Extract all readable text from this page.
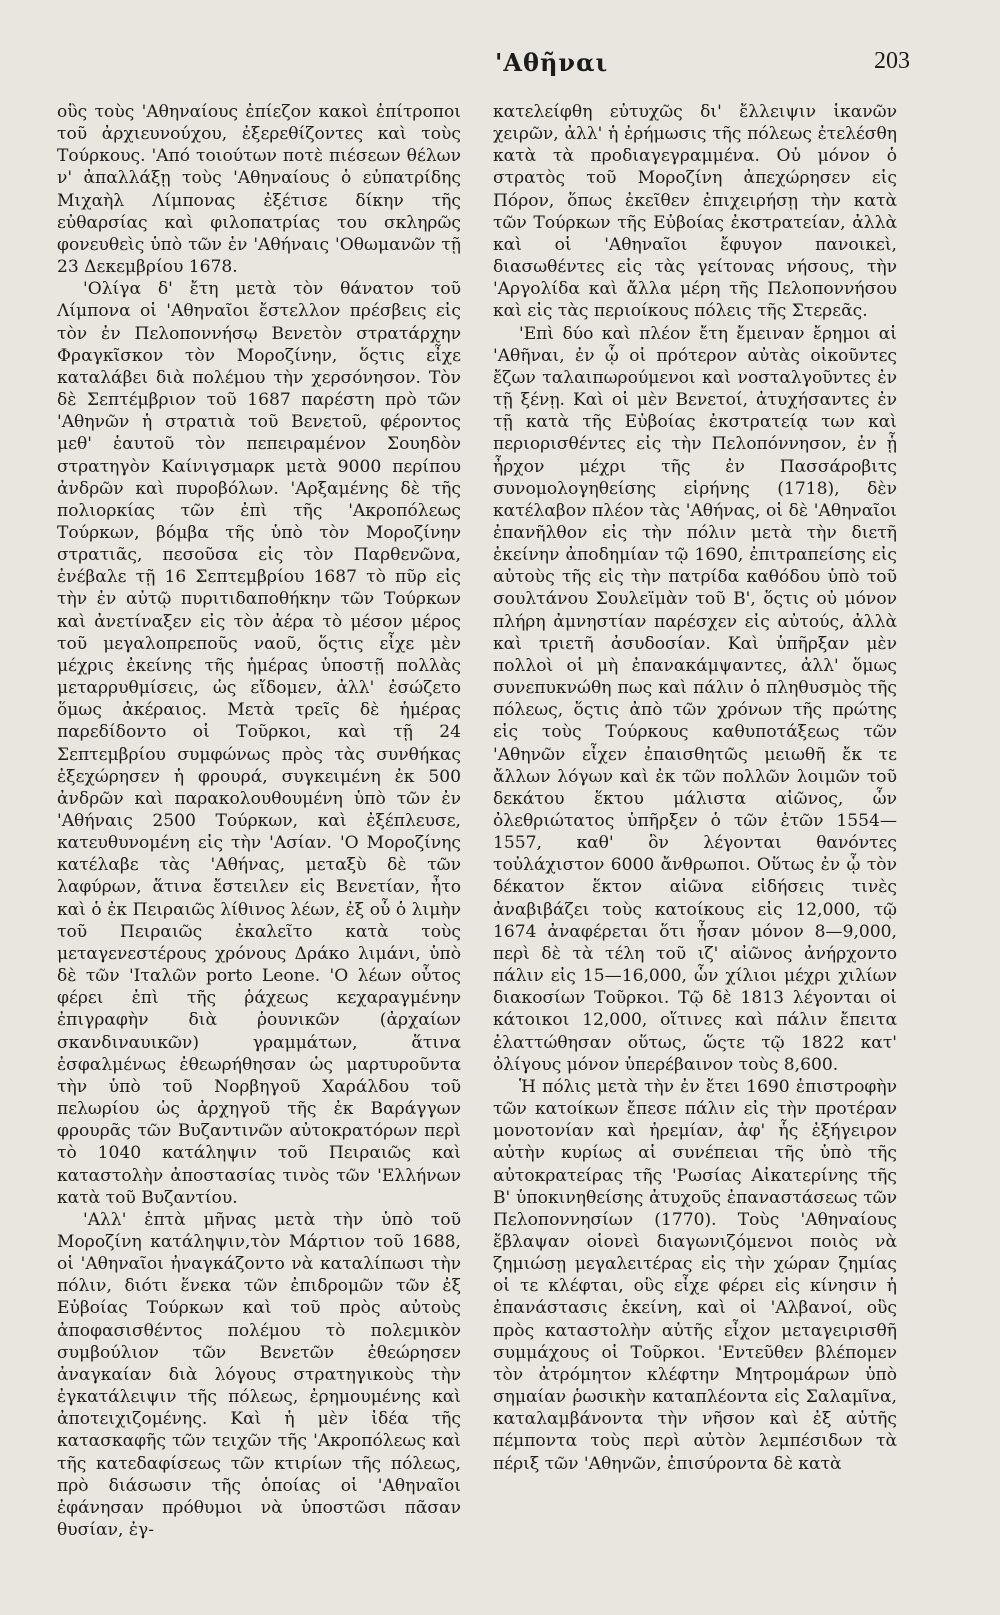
'Αθῆναι	203

οὓς τοὺς 'Αθηναίους ἐπίεζον κακοὶ ἐπίτροποι τοῦ ἀρχιευνούχου, ἐξερεθίζοντες καὶ τοὺς Τούρκους. 'Από τοιούτων ποτὲ πιέσεων θέλων ν' ἀπαλλάξῃ τοὺς 'Αθηναίους ὁ εὐπατρίδης Μιχαὴλ Λίμπονας ἐξέτισε δίκην τῆς εὐθαρσίας καὶ φιλοπατρίας του σκληρῶς φονευθεὶς ὑπὸ τῶν ἐν 'Αθήναις 'Οθωμανῶν τῇ 23 Δεκεμβρίου 1678.

'Ολίγα δ' ἔτη μετὰ τὸν θάνατον τοῦ Λίμπονα οἱ 'Αθηναῖοι ἔστελλον πρέσβεις εἰς τὸν ἐν Πελοποννήσῳ Βενετὸν στρατάρχην Φραγκῖσκον τὸν Μοροζίνην, ὅςτις εἶχε καταλάβει διὰ πολέμου τὴν χερσόνησον. Τὸν δὲ Σεπτέμβριον τοῦ 1687 παρέστη πρὸ τῶν 'Αθηνῶν ἡ στρατιὰ τοῦ Βενετοῦ, φέροντος μεθ' ἑαυτοῦ τὸν πεπειραμένον Σουηδὸν στρατηγὸν Καίνιγσμαρκ μετὰ 9000 περίπου ἀνδρῶν καὶ πυροβόλων. 'Αρξαμένης δὲ τῆς πολιορκίας τῶν ἐπὶ τῆς 'Ακροπόλεως Τούρκων, βόμβα τῆς ὑπὸ τὸν Μοροζίνην στρατιᾶς, πεσοῦσα εἰς τὸν Παρθενῶνα, ἐνέβαλε τῇ 16 Σεπτεμβρίου 1687 τὸ πῦρ εἰς τὴν ἐν αὐτῷ πυριτιδαποθήκην τῶν Τούρκων καὶ ἀνετίναξεν εἰς τὸν ἀέρα τὸ μέσον μέρος τοῦ μεγαλοπρεποῦς ναοῦ, ὅςτις εἶχε μὲν μέχρις ἐκείνης τῆς ἡμέρας ὑποστῇ πολλὰς μεταρρυθμίσεις, ὡς εἴδομεν, ἀλλ' ἐσώζετο ὅμως ἀκέραιος. Μετὰ τρεῖς δὲ ἡμέρας παρεδίδοντο οἱ Τοῦρκοι, καὶ τῇ 24 Σεπτεμβρίου συμφώνως πρὸς τὰς συνθήκας ἐξεχώρησεν ἡ φρουρά, συγκειμένη ἐκ 500 ἀνδρῶν καὶ παρακολουθουμένη ὑπὸ τῶν ἐν 'Αθήναις 2500 Τούρκων, καὶ ἐξέπλευσε, κατευθυνομένη εἰς τὴν 'Ασίαν. 'Ο Μοροζίνης κατέλαβε τὰς 'Αθήνας, μεταξὺ δὲ τῶν λαφύρων, ἅτινα ἔστειλεν εἰς Βενετίαν, ἦτο καὶ ὁ ἐκ Πειραιῶς λίθινος λέων, ἐξ οὗ ὁ λιμὴν τοῦ Πειραιῶς ἐκαλεῖτο κατὰ τοὺς μεταγενεστέρους χρόνους Δράκο λιμάνι, ὑπὸ δὲ τῶν 'Ιταλῶν porto Leone. 'Ο λέων οὗτος φέρει ἐπὶ τῆς ῥάχεως κεχαραγμένην ἐπιγραφὴν διὰ ῥουνικῶν (ἀρχαίων σκανδιναυικῶν) γραμμάτων, ἅτινα ἐσφαλμένως ἐθεωρήθησαν ὡς μαρτυροῦντα τὴν ὑπὸ τοῦ Νορβηγοῦ Χαράλδου τοῦ πελωρίου ὡς ἀρχηγοῦ τῆς ἐκ Βαράγγων φρουρᾶς τῶν Βυζαντινῶν αὐτοκρατόρων περὶ τὸ 1040 κατάληψιν τοῦ Πειραιῶς καὶ καταστολὴν ἀποστασίας τινὸς τῶν 'Ελλήνων κατὰ τοῦ Βυζαντίου.

'Αλλ' ἑπτὰ μῆνας μετὰ τὴν ὑπὸ τοῦ Μοροζίνη κατάληψιν,τὸν Μάρτιον τοῦ 1688, οἱ 'Αθηναῖοι ἠναγκάζοντο νὰ καταλίπωσι τὴν πόλιν, διότι ἕνεκα τῶν ἐπιδρομῶν τῶν ἐξ Εὐβοίας Τούρκων καὶ τοῦ πρὸς αὐτοὺς ἀποφασισθέντος πολέμου τὸ πολεμικὸν συμβούλιον τῶν Βενετῶν ἐθεώρησεν ἀναγκαίαν διὰ λόγους στρατηγικοὺς τὴν ἐγκατάλειψιν τῆς πόλεως, ἐρημουμένης καὶ ἀποτειχιζομένης. Καὶ ἡ μὲν ἰδέα τῆς κατασκαφῆς τῶν τειχῶν τῆς 'Ακροπόλεως καὶ τῆς κατεδαφίσεως τῶν κτιρίων τῆς πόλεως, πρὸ διάσωσιν τῆς ὁποίας οἱ 'Αθηναῖοι ἐφάνησαν πρόθυμοι νὰ ὑποστῶσι πᾶσαν θυσίαν, ἐγ-

κατελείφθη εὐτυχῶς δι' ἔλλειψιν ἱκανῶν χειρῶν, ἀλλ' ἡ ἐρήμωσις τῆς πόλεως ἐτελέσθη κατὰ τὰ προδιαγεγραμμένα. Οὐ μόνον ὁ στρατὸς τοῦ Μοροζίνη ἀπεχώρησεν εἰς Πόρον, ὅπως ἐκεῖθεν ἐπιχειρήσῃ τὴν κατὰ τῶν Τούρκων τῆς Εὐβοίας ἐκστρατείαν, ἀλλὰ καὶ οἱ 'Αθηναῖοι ἔφυγον πανοικεὶ, διασωθέντες εἰς τὰς γείτονας νήσους, τὴν 'Αργολίδα καὶ ἄλλα μέρη τῆς Πελοποννήσου καὶ εἰς τὰς περιοίκους πόλεις τῆς Στερεᾶς.

'Επὶ δύο καὶ πλέον ἔτη ἔμειναν ἔρημοι αἱ 'Αθῆναι, ἐν ᾧ οἱ πρότερον αὐτὰς οἰκοῦντες ἔζων ταλαιπωρούμενοι καὶ νοσταλγοῦντες ἐν τῇ ξένῃ. Καὶ οἱ μὲν Βενετοί, ἀτυχήσαντες ἐν τῇ κατὰ τῆς Εὐβοίας ἐκστρατείᾳ των καὶ περιορισθέντες εἰς τὴν Πελοπόννησον, ἐν ᾗ ἦρχον μέχρι τῆς ἐν Πασσάροβιτς συνομολογηθείσης εἰρήνης (1718), δὲν κατέλαβον πλέον τὰς 'Αθήνας, οἱ δὲ 'Αθηναῖοι ἐπανῆλθον εἰς τὴν πόλιν μετὰ τὴν διετῆ ἐκείνην ἀποδημίαν τῷ 1690, ἐπιτραπείσης εἰς αὐτοὺς τῆς εἰς τὴν πατρίδα καθόδου ὑπὸ τοῦ σουλτάνου Σουλεϊμὰν τοῦ Β', ὅςτις οὐ μόνον πλήρη ἀμνηστίαν παρέσχεν εἰς αὐτούς, ἀλλὰ καὶ τριετῆ ἀσυδοσίαν. Καὶ ὑπῆρξαν μὲν πολλοὶ οἱ μὴ ἐπανακάμψαντες, ἀλλ' ὅμως συνεπυκνώθη πως καὶ πάλιν ὁ πληθυσμὸς τῆς πόλεως, ὅςτις ἀπὸ τῶν χρόνων τῆς πρώτης εἰς τοὺς Τούρκους καθυποτάξεως τῶν 'Αθηνῶν εἶχεν ἐπαισθητῶς μειωθῆ ἔκ τε ἄλλων λόγων καὶ ἐκ τῶν πολλῶν λοιμῶν τοῦ δεκάτου ἕκτου μάλιστα αἰῶνος, ὧν ὀλεθριώτατος ὑπῆρξεν ὁ τῶν ἐτῶν 1554—1557, καθ' ὃν λέγονται θανόντες τοὐλάχιστον 6000 ἄνθρωποι. Οὕτως ἐν ᾧ τὸν δέκατον ἕκτον αἰῶνα εἰδήσεις τινὲς ἀναβιβάζει τοὺς κατοίκους εἰς 12,000, τῷ 1674 ἀναφέρεται ὅτι ἦσαν μόνον 8—9,000, περὶ δὲ τὰ τέλη τοῦ ιζ' αἰῶνος ἀνήρχοντο πάλιν εἰς 15—16,000, ὧν χίλιοι μέχρι χιλίων διακοσίων Τοῦρκοι. Τῷ δὲ 1813 λέγονται οἱ κάτοικοι 12,000, οἵτινες καὶ πάλιν ἔπειτα ἐλαττώθησαν οὕτως, ὥςτε τῷ 1822 κατ' ὀλίγους μόνον ὑπερέβαινον τοὺς 8,600.

Ἡ πόλις μετὰ τὴν ἐν ἔτει 1690 ἐπιστροφὴν τῶν κατοίκων ἔπεσε πάλιν εἰς τὴν προτέραν μονοτονίαν καὶ ἠρεμίαν, ἀφ' ἧς ἐξήγειρον αὐτὴν κυρίως αἱ συνέπειαι τῆς ὑπὸ τῆς αὐτοκρατείρας τῆς 'Ρωσίας Αἰκατερίνης τῆς Β' ὑποκινηθείσης ἀτυχοῦς ἐπαναστάσεως τῶν Πελοποννησίων (1770). Τοὺς 'Αθηναίους ἔβλαψαν οἱονεὶ διαγωνιζόμενοι ποιὸς νὰ ζημιώσῃ μεγαλειτέρας εἰς τὴν χώραν ζημίας οἱ τε κλέφται, οὓς εἶχε φέρει εἰς κίνησιν ἡ ἐπανάστασις ἐκείνη, καὶ οἱ 'Αλβανοί, οὓς πρὸς καταστολὴν αὐτῆς εἶχον μεταγειρισθῆ συμμάχους οἱ Τοῦρκοι. 'Εντεῦθεν βλέπομεν τὸν ἀτρόμητον κλέφτην Μητρομάρων ὑπὸ σημαίαν ῥωσικὴν καταπλέοντα εἰς Σαλαμῖνα, καταλαμβάνοντα τὴν νῆσον καὶ ἐξ αὐτῆς πέμποντα τοὺς περὶ αὐτὸν λεμπέσιδων τὰ πέριξ τῶν 'Αθηνῶν, ἐπισύροντα δὲ κατὰ
